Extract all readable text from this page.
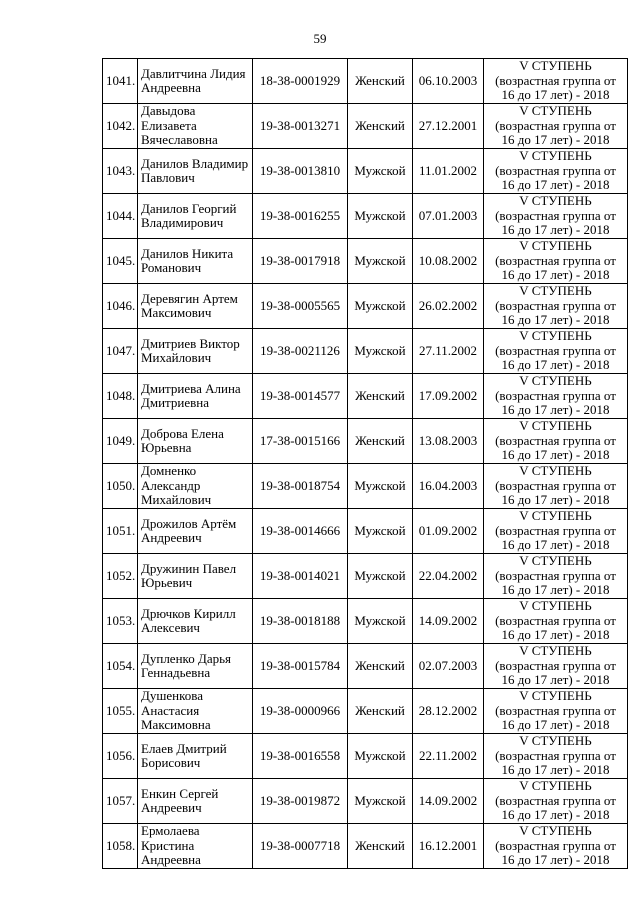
59
1041.	Давлитчина Лидия Андреевна	18-38-0001929	Женский	06.10.2003	V СТУПЕНЬ (возрастная группа от 16 до 17 лет) - 2018
1042.	Давыдова Елизавета Вячеславовна	19-38-0013271	Женский	27.12.2001	V СТУПЕНЬ (возрастная группа от 16 до 17 лет) - 2018
1043.	Данилов Владимир Павлович	19-38-0013810	Мужской	11.01.2002	V СТУПЕНЬ (возрастная группа от 16 до 17 лет) - 2018
1044.	Данилов Георгий Владимирович	19-38-0016255	Мужской	07.01.2003	V СТУПЕНЬ (возрастная группа от 16 до 17 лет) - 2018
1045.	Данилов Никита Романович	19-38-0017918	Мужской	10.08.2002	V СТУПЕНЬ (возрастная группа от 16 до 17 лет) - 2018
1046.	Деревягин Артем Максимович	19-38-0005565	Мужской	26.02.2002	V СТУПЕНЬ (возрастная группа от 16 до 17 лет) - 2018
1047.	Дмитриев Виктор Михайлович	19-38-0021126	Мужской	27.11.2002	V СТУПЕНЬ (возрастная группа от 16 до 17 лет) - 2018
1048.	Дмитриева Алина Дмитриевна	19-38-0014577	Женский	17.09.2002	V СТУПЕНЬ (возрастная группа от 16 до 17 лет) - 2018
1049.	Доброва Елена Юрьевна	17-38-0015166	Женский	13.08.2003	V СТУПЕНЬ (возрастная группа от 16 до 17 лет) - 2018
1050.	Домненко Александр Михайлович	19-38-0018754	Мужской	16.04.2003	V СТУПЕНЬ (возрастная группа от 16 до 17 лет) - 2018
1051.	Дрожилов Артём Андреевич	19-38-0014666	Мужской	01.09.2002	V СТУПЕНЬ (возрастная группа от 16 до 17 лет) - 2018
1052.	Дружинин Павел Юрьевич	19-38-0014021	Мужской	22.04.2002	V СТУПЕНЬ (возрастная группа от 16 до 17 лет) - 2018
1053.	Дрючков Кирилл Алексевич	19-38-0018188	Мужской	14.09.2002	V СТУПЕНЬ (возрастная группа от 16 до 17 лет) - 2018
1054.	Дупленко Дарья Геннадьевна	19-38-0015784	Женский	02.07.2003	V СТУПЕНЬ (возрастная группа от 16 до 17 лет) - 2018
1055.	Душенкова Анастасия Максимовна	19-38-0000966	Женский	28.12.2002	V СТУПЕНЬ (возрастная группа от 16 до 17 лет) - 2018
1056.	Елаев Дмитрий Борисович	19-38-0016558	Мужской	22.11.2002	V СТУПЕНЬ (возрастная группа от 16 до 17 лет) - 2018
1057.	Енкин Сергей Андреевич	19-38-0019872	Мужской	14.09.2002	V СТУПЕНЬ (возрастная группа от 16 до 17 лет) - 2018
1058.	Ермолаева Кристина Андреевна	19-38-0007718	Женский	16.12.2001	V СТУПЕНЬ (возрастная группа от 16 до 17 лет) - 2018
